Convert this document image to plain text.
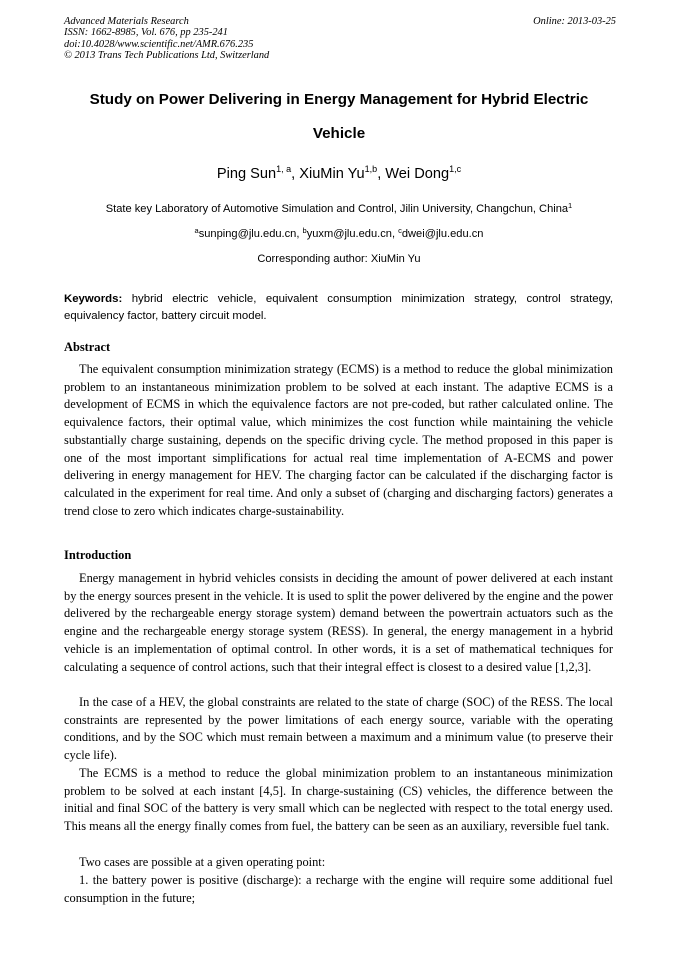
Advanced Materials Research	Online: 2013-03-25
ISSN: 1662-8985, Vol. 676, pp 235-241
doi:10.4028/www.scientific.net/AMR.676.235
© 2013 Trans Tech Publications Ltd, Switzerland
Study on Power Delivering in Energy Management for Hybrid Electric
Vehicle
Ping Sun$^{1, a}$, XiuMin Yu$^{1,b}$, Wei Dong$^{1,c}$
State key Laboratory of Automotive Simulation and Control, Jilin University, Changchun, China$^1$
$^a$sunping@jlu.edu.cn, $^b$yuxm@jlu.edu.cn, $^c$dwei@jlu.edu.cn
Corresponding author: XiuMin Yu
Keywords: hybrid electric vehicle, equivalent consumption minimization strategy, control strategy, equivalency factor, battery circuit model.
Abstract

The equivalent consumption minimization strategy (ECMS) is a method to reduce the global minimization problem to an instantaneous minimization problem to be solved at each instant. The adaptive ECMS is a development of ECMS in which the equivalence factors are not pre-coded, but rather calculated online. The equivalence factors, their optimal value, which minimizes the cost function while maintaining the vehicle substantially charge sustaining, depends on the specific driving cycle. The method proposed in this paper is one of the most important simplifications for actual real time implementation of A-ECMS and power delivering in energy management for HEV. The charging factor can be calculated if the discharging factor is calculated in the experiment for real time. And only a subset of (charging and discharging factors) generates a trend close to zero which indicates charge-sustainability.

Introduction

Energy management in hybrid vehicles consists in deciding the amount of power delivered at each instant by the energy sources present in the vehicle. It is used to split the power delivered by the engine and the power delivered by the rechargeable energy storage system) demand between the powertrain actuators such as the engine and the rechargeable energy storage system (RESS). In general, the energy management in a hybrid vehicle is an implementation of optimal control. In other words, it is a set of mathematical techniques for calculating a sequence of control actions, such that their integral effect is closest to a desired value [1,2,3].

In the case of a HEV, the global constraints are related to the state of charge (SOC) of the RESS. The local constraints are represented by the power limitations of each energy source, variable with the operating conditions, and by the SOC which must remain between a maximum and a minimum value (to preserve their cycle life).

The ECMS is a method to reduce the global minimization problem to an instantaneous minimization problem to be solved at each instant [4,5]. In charge-sustaining (CS) vehicles, the difference between the initial and final SOC of the battery is very small which can be neglected with respect to the total energy used. This means all the energy finally comes from fuel, the battery can be seen as an auxiliary, reversible fuel tank.

Two cases are possible at a given operating point:

1. the battery power is positive (discharge): a recharge with the engine will require some additional fuel consumption in the future;
